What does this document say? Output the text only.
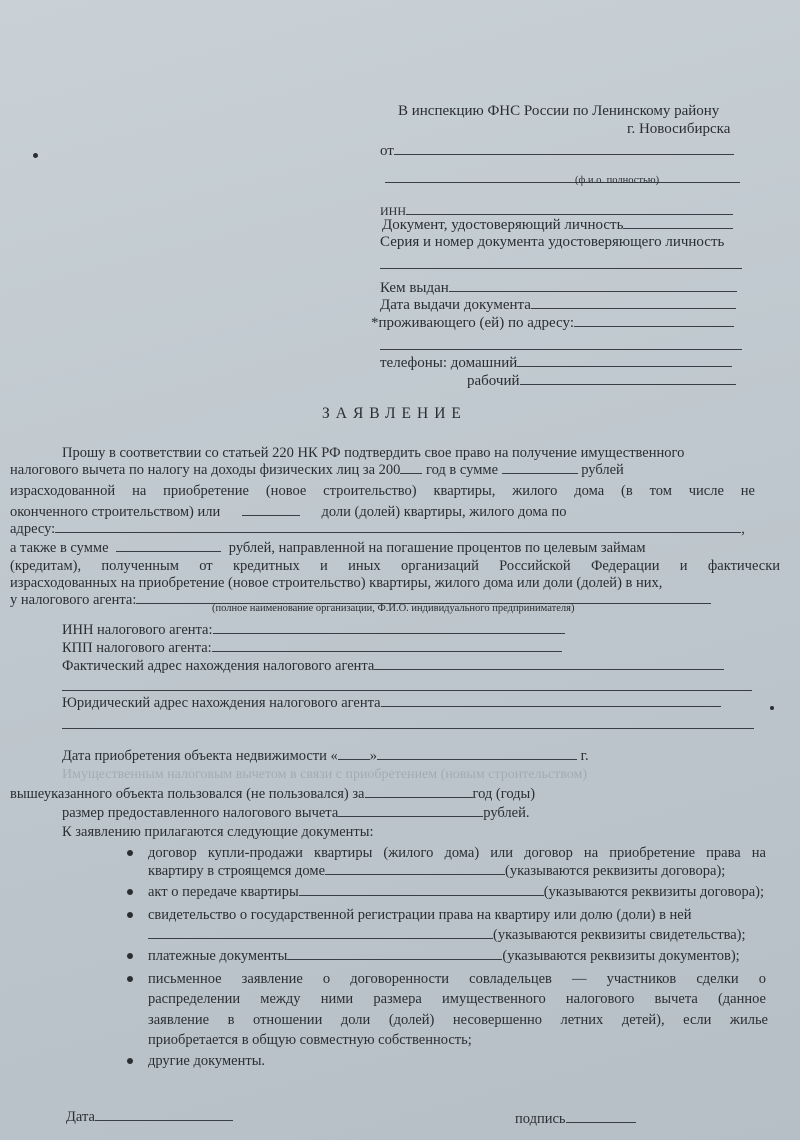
В инспекцию ФНС России по Ленинскому району
г. Новосибирска
от
(ф.и.о. полностью)
ИНН
Документ, удостоверяющий личность
Серия и номер документа удостоверяющего личность
Кем выдан
Дата выдачи документа
*проживающего (ей) по адресу:
телефоны: домашний
рабочий
ЗАЯВЛЕНИЕ
Прошу в соответствии со статьей 220 НК РФ подтвердить свое право на получение имущественного
налогового вычета по налогу на доходы физических лиц за 200 год в сумме	рублей
израсходованной на приобретение (новое строительство) квартиры, жилого дома (в том числе не
оконченного строительством) или	доли (долей) квартиры, жилого дома по
адресу:	,
а также в сумме	рублей, направленной на погашение процентов по целевым займам
(кредитам), полученным от кредитных и иных организаций Российской Федерации и фактически
израсходованных на приобретение (новое строительство) квартиры, жилого дома или доли (долей) в них,
у налогового агента:
(полное наименование организации, Ф.И.О. индивидуального предпринимателя)
ИНН налогового агента:
КПП налогового агента:
Фактический адрес нахождения налогового агента
Юридический адрес нахождения налогового агента
Дата приобретения объекта недвижимости « »	г.
Имущественным налоговым вычетом в связи с приобретением (новым строительством)
вышеуказанного объекта пользовался (не пользовался) за	год (годы)
размер предоставленного налогового вычета	рублей.
К заявлению прилагаются следующие документы:
договор купли-продажи квартиры (жилого дома) или договор на приобретение права на
квартиру в строящемся доме	(указываются реквизиты договора);
акт о передаче квартиры	(указываются реквизиты договора);
свидетельство о государственной регистрации права на квартиру или долю (доли) в ней
(указываются реквизиты свидетельства);
платежные документы	(указываются реквизиты документов);
письменное заявление о договоренности совладельцев — участников сделки о
распределении между ними размера имущественного налогового вычета (данное
заявление в отношении доли (долей) несовершенно летних детей), если жилье
приобретается в общую совместную собственность;
другие документы.
Дата	подпись
